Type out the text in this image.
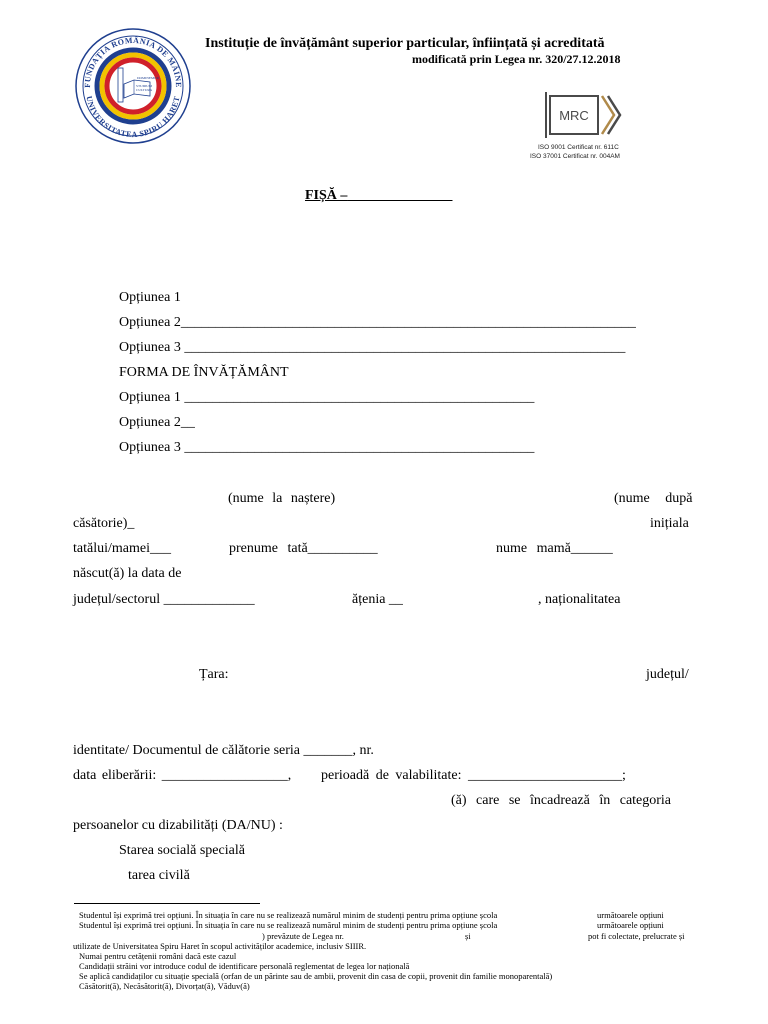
FUNDAȚIA ROMÂNIA DE MÂINE
UNIVERSITATEA SPIRU HARET
DOMINEMUR
STUDIUM
CULTURA
Instituție de învățământ superior particular, înființată și acreditată
modificată prin Legea nr. 320/27.12.2018
MRC
ISO 9001 Certificat nr. 611C
ISO 37001 Certificat nr. 004AM
FIȘĂ –_______________
Opțiunea 1
Opțiunea 2_________________________________________________________________
Opțiunea 3 _______________________________________________________________
FORMA DE ÎNVĂȚĂMÂNT
Opțiunea 1 __________________________________________________
Opțiunea 2__
Opțiunea 3 __________________________________________________
(nume la naștere)	(nume după
căsătorie)_	inițiala
tatălui/mamei___	prenume tată__________	nume mamă______
născut(ă) la data de
județul/sectorul _____________	ățenia __	, naționalitatea
Țara:	județul/
identitate/ Documentul de călătorie seria _______, nr.
data eliberării: __________________, perioadă de valabilitate: ______________________;
(ă) care se încadrează în categoria
persoanelor cu dizabilități (DA/NU) :
Starea socială specială
tarea civilă
Studentul își exprimă trei opțiuni. În situația în care nu se realizează numărul minim de studenți pentru prima opțiune școla	următoarele opțiuni
Studentul își exprimă trei opțiuni. În situația în care nu se realizează numărul minim de studenți pentru prima opțiune școla	următoarele opțiuni
) prevăzute de Legea nr.	și	pot fi colectate, prelucrate și
utilizate de Universitatea Spiru Haret în scopul activităților academice, inclusiv SIIIR.
Numai pentru cetățenii români dacă este cazul
Candidații străini vor introduce codul de identificare personală reglementat de legea lor națională
Se aplică candidaților cu situație specială (orfan de un părinte sau de ambii, provenit din casa de copii, provenit din familie monoparentală)
Căsătorit(ă), Necăsătorit(ă), Divorțat(ă), Văduv(ă)
